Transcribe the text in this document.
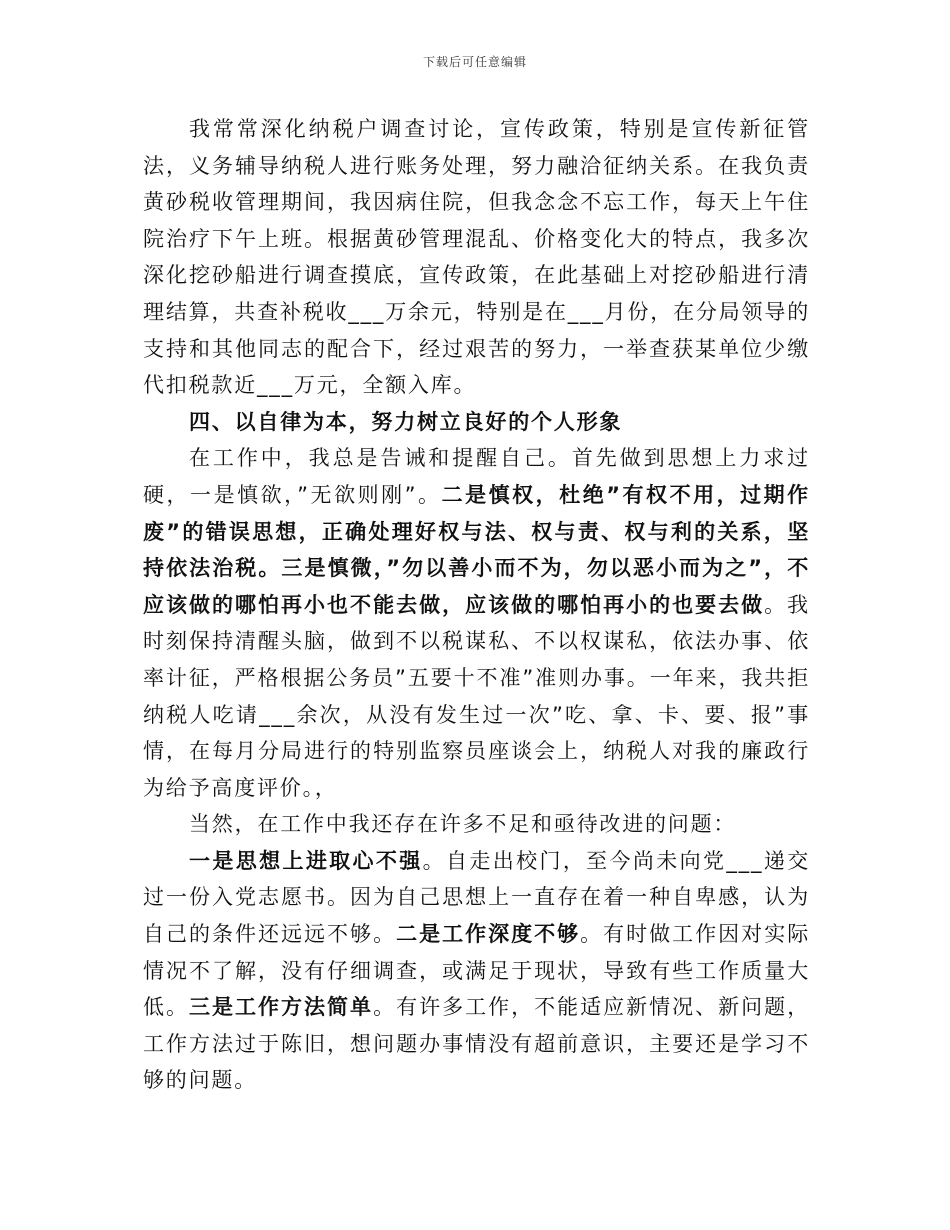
下载后可任意编辑

我常常深化纳税户调查讨论，宣传政策，特别是宣传新征管法，义务辅导纳税人进行账务处理，努力融洽征纳关系。在我负责黄砂税收管理期间，我因病住院，但我念念不忘工作，每天上午住院治疗下午上班。根据黄砂管理混乱、价格变化大的特点，我多次深化挖砂船进行调查摸底，宣传政策，在此基础上对挖砂船进行清理结算，共查补税收___万余元，特别是在___月份，在分局领导的支持和其他同志的配合下，经过艰苦的努力，一举查获某单位少缴代扣税款近___万元，全额入库。

四、以自律为本，努力树立良好的个人形象

在工作中，我总是告诫和提醒自己。首先做到思想上力求过硬，一是慎欲，”无欲则刚”。二是慎权，杜绝”有权不用，过期作废”的错误思想，正确处理好权与法、权与责、权与利的关系，坚持依法治税。三是慎微，”勿以善小而不为，勿以恶小而为之”，不应该做的哪怕再小也不能去做，应该做的哪怕再小的也要去做。我时刻保持清醒头脑，做到不以税谋私、不以权谋私，依法办事、依率计征，严格根据公务员”五要十不准”准则办事。一年来，我共拒纳税人吃请___余次，从没有发生过一次”吃、拿、卡、要、报”事情，在每月分局进行的特别监察员座谈会上，纳税人对我的廉政行为给予高度评价。，

当然，在工作中我还存在许多不足和亟待改进的问题：

一是思想上进取心不强。自走出校门，至今尚未向党___递交过一份入党志愿书。因为自己思想上一直存在着一种自卑感，认为自己的条件还远远不够。二是工作深度不够。有时做工作因对实际情况不了解，没有仔细调查，或满足于现状，导致有些工作质量大低。三是工作方法简单。有许多工作，不能适应新情况、新问题，工作方法过于陈旧，想问题办事情没有超前意识，主要还是学习不够的问题。
